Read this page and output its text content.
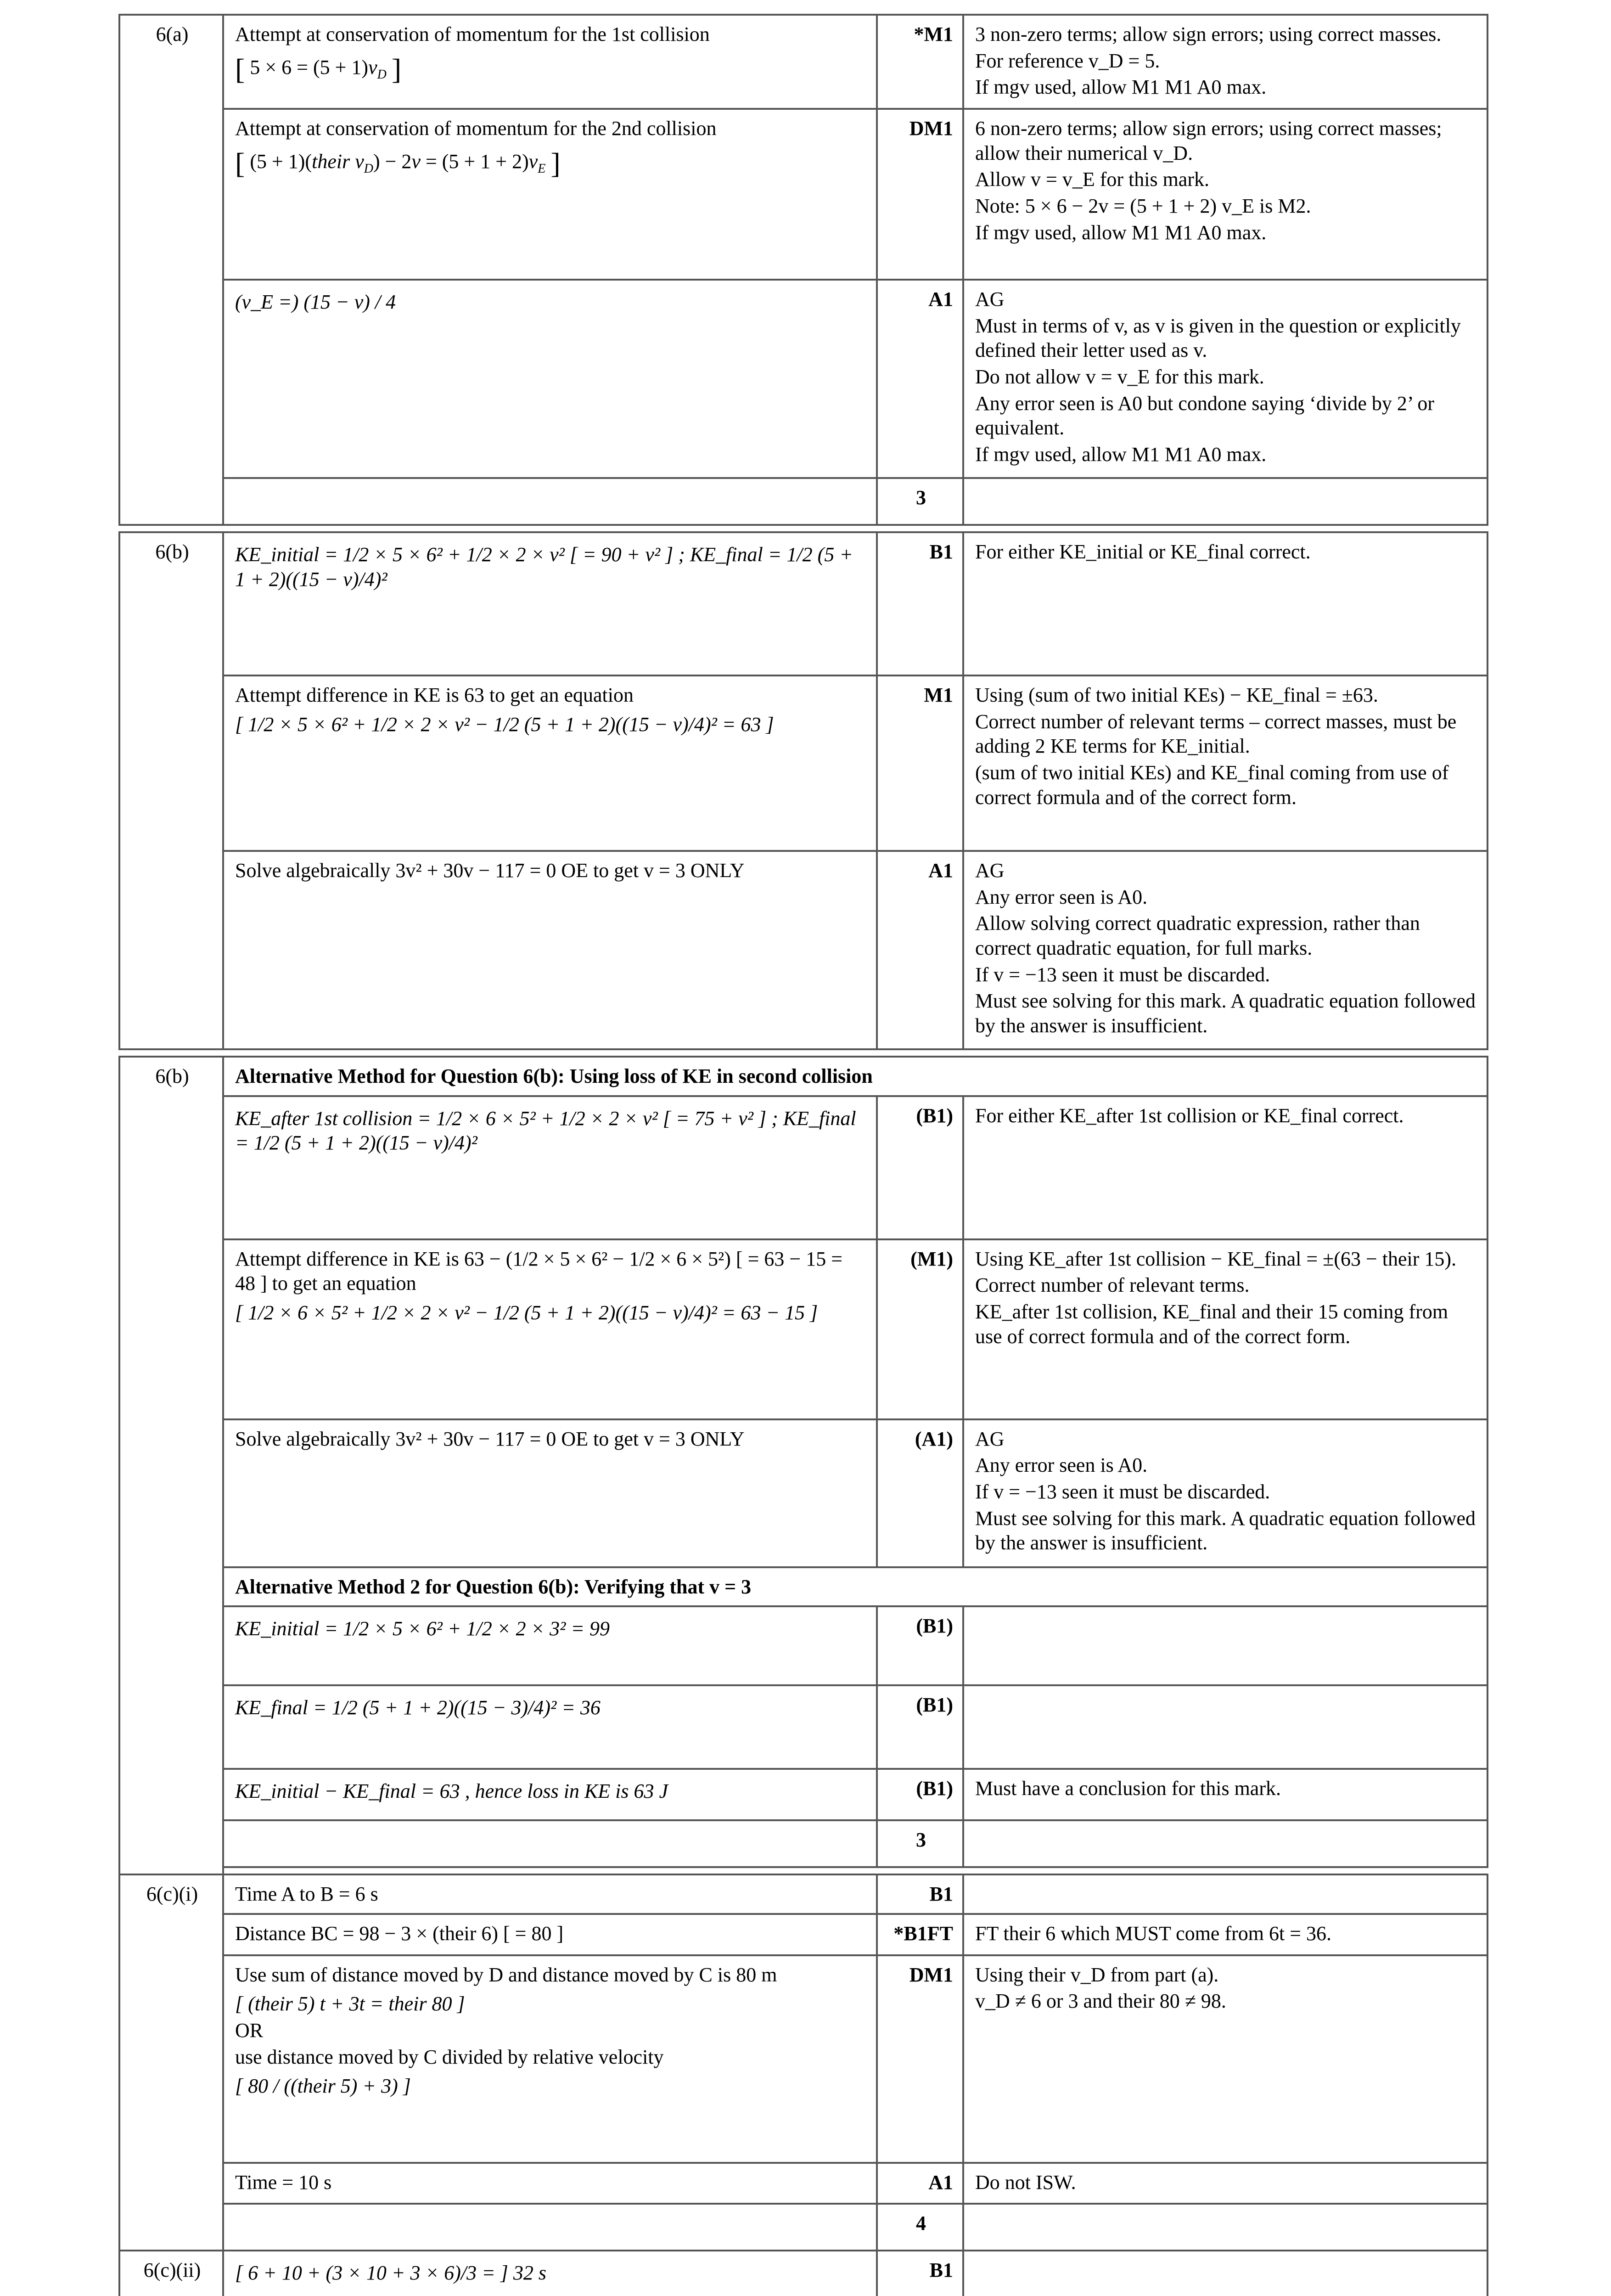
6(a)	Attempt at conservation of momentum for the 1st collision
[ $5 \times 6 = (5 + 1)v_D$ ]	*M1	3 non-zero terms; allow sign errors; using correct masses.
For reference v_D = 5.
If mgv used, allow M1 M1 A0 max.

	Attempt at conservation of momentum for the 2nd collision
[ (5 + 1)(their $v_D) - 2v = (5 + 1 + 2)v_E$ ]	DM1	6 non-zero terms; allow sign errors; using correct masses; allow their numerical v_D.
Allow v = v_E for this mark.
Note: 5 × 6 − 2v = (5 + 1 + 2) v_E is M2.
If mgv used, allow M1 M1 A0 max.

	(v_E =) (15 − v) / 4	A1	AG
Must in terms of v, as v is given in the question or explicitly defined their letter used as v.
Do not allow v = v_E for this mark.
Any error seen is A0 but condone saying ‘divide by 2’ or equivalent.
If mgv used, allow M1 M1 A0 max.

		3	

6(b)	KE_initial = 1/2 × 5 × 6² + 1/2 × 2 × v² [ = 90 + v² ] ; KE_final = 1/2 (5 + 1 + 2)((15 − v)/4)²	B1	For either KE_initial or KE_final correct.

	Attempt difference in KE is 63 to get an equation
[ 1/2 × 5 × 6² + 1/2 × 2 × v² − 1/2 (5 + 1 + 2)((15 − v)/4)² = 63 ]	M1	Using (sum of two initial KEs) − KE_final = ±63.
Correct number of relevant terms – correct masses, must be adding 2 KE terms for KE_initial.
(sum of two initial KEs) and KE_final coming from use of correct formula and of the correct form.

	Solve algebraically 3v² + 30v − 117 = 0 OE to get v = 3 ONLY	A1	AG
Any error seen is A0.
Allow solving correct quadratic expression, rather than correct quadratic equation, for full marks.
If v = −13 seen it must be discarded.
Must see solving for this mark. A quadratic equation followed by the answer is insufficient.

6(b)	Alternative Method for Question 6(b): Using loss of KE in second collision		
	KE_after 1st collision = 1/2 × 6 × 5² + 1/2 × 2 × v² [ = 75 + v² ] ; KE_final = 1/2 (5 + 1 + 2)((15 − v)/4)²	(B1)	For either KE_after 1st collision or KE_final correct.

	Attempt difference in KE is 63 − (1/2 × 5 × 6² − 1/2 × 6 × 5²) [ = 63 − 15 = 48 ] to get an equation
[ 1/2 × 6 × 5² + 1/2 × 2 × v² − 1/2 (5 + 1 + 2)((15 − v)/4)² = 63 − 15 ]	(M1)	Using KE_after 1st collision − KE_final = ±(63 − their 15).
Correct number of relevant terms.
KE_after 1st collision, KE_final and their 15 coming from use of correct formula and of the correct form.

	Solve algebraically 3v² + 30v − 117 = 0 OE to get v = 3 ONLY	(A1)	AG
Any error seen is A0.
If v = −13 seen it must be discarded.
Must see solving for this mark. A quadratic equation followed by the answer is insufficient.

	Alternative Method 2 for Question 6(b): Verifying that v = 3		
	KE_initial = 1/2 × 5 × 6² + 1/2 × 2 × 3² = 99	(B1)	
	KE_final = 1/2 (5 + 1 + 2)((15 − 3)/4)² = 36	(B1)	
	KE_initial − KE_final = 63 , hence loss in KE is 63 J	(B1)	Must have a conclusion for this mark.

		3	

6(c)(i)	Time A to B = 6 s	B1	
	Distance BC = 98 − 3 × (their 6) [ = 80 ]	*B1FT	FT their 6 which MUST come from 6t = 36.

	Use sum of distance moved by D and distance moved by C is 80 m
[ (their 5) t + 3t = their 80 ]
OR
use distance moved by C divided by relative velocity
[ 80 / ((their 5) + 3) ]	DM1	Using their v_D from part (a).
v_D ≠ 6 or 3 and their 80 ≠ 98.

	Time = 10 s	A1	Do not ISW.

		4	
6(c)(ii)	[ 6 + 10 + (3 × 10 + 3 × 6)/3 = ] 32 s	B1	
